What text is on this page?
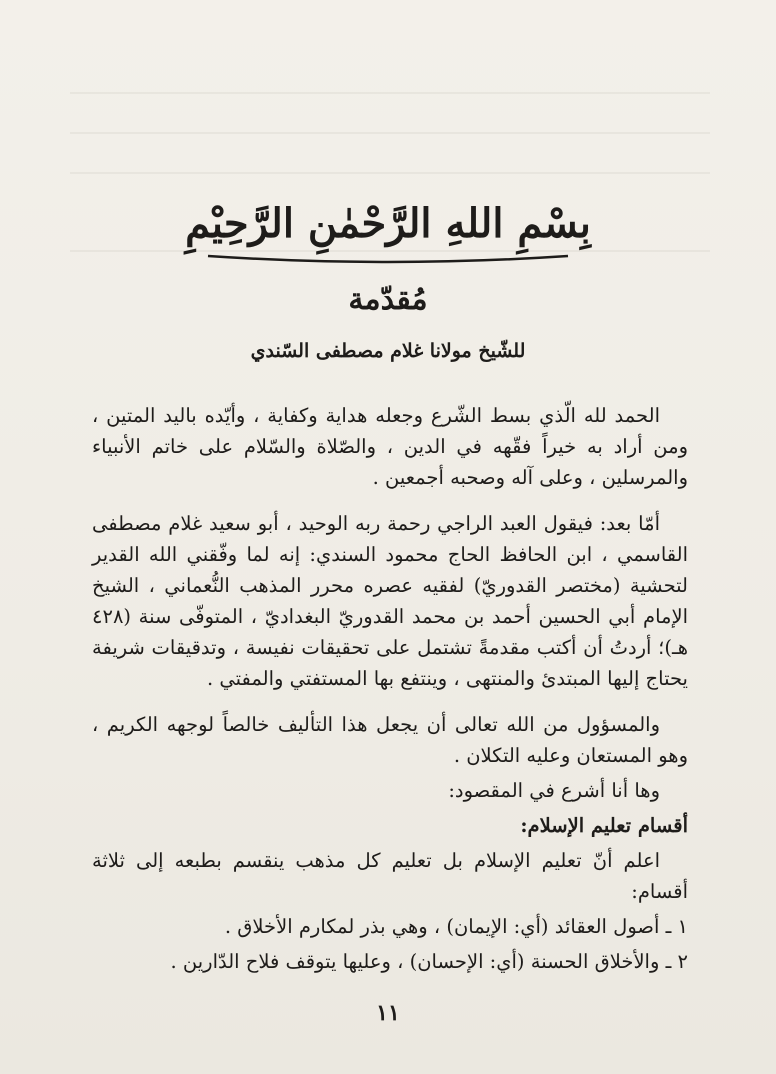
بِسْمِ اللهِ الرَّحْمٰنِ الرَّحِيْمِ
مُقدّمة
للشّيخ مولانا غلام مصطفى السّندي

الحمد لله الّذي بسط الشّرع وجعله هداية وكفاية ، وأيّده باليد المتين ، ومن أراد به خيراً فقّهه في الدين ، والصّلاة والسّلام على خاتم الأنبياء والمرسلين ، وعلى آله وصحبه أجمعين .

أمّا بعد: فيقول العبد الراجي رحمة ربه الوحيد ، أبو سعيد غلام مصطفى القاسمي ، ابن الحافظ الحاج محمود السندي: إنه لما وفّقني الله القدير لتحشية (مختصر القدوريّ) لفقيه عصره محرر المذهب النُّعماني ، الشيخ الإمام أبي الحسين أحمد بن محمد القدوريّ البغداديّ ، المتوفّى سنة (٤٢٨ هـ)؛ أردتُ أن أكتب مقدمةً تشتمل على تحقيقات نفيسة ، وتدقيقات شريفة يحتاج إليها المبتدئ والمنتهى ، وينتفع بها المستفتي والمفتي .

والمسؤول من الله تعالى أن يجعل هذا التأليف خالصاً لوجهه الكريم ، وهو المستعان وعليه التكلان .

وها أنا أشرع في المقصود:

أقسام تعليم الإسلام:

اعلم أنّ تعليم الإسلام بل تعليم كل مذهب ينقسم بطبعه إلى ثلاثة أقسام:

١ ـ أصول العقائد (أي: الإيمان) ، وهي بذر لمكارم الأخلاق .

٢ ـ والأخلاق الحسنة (أي: الإحسان) ، وعليها يتوقف فلاح الدّارين .

١١
